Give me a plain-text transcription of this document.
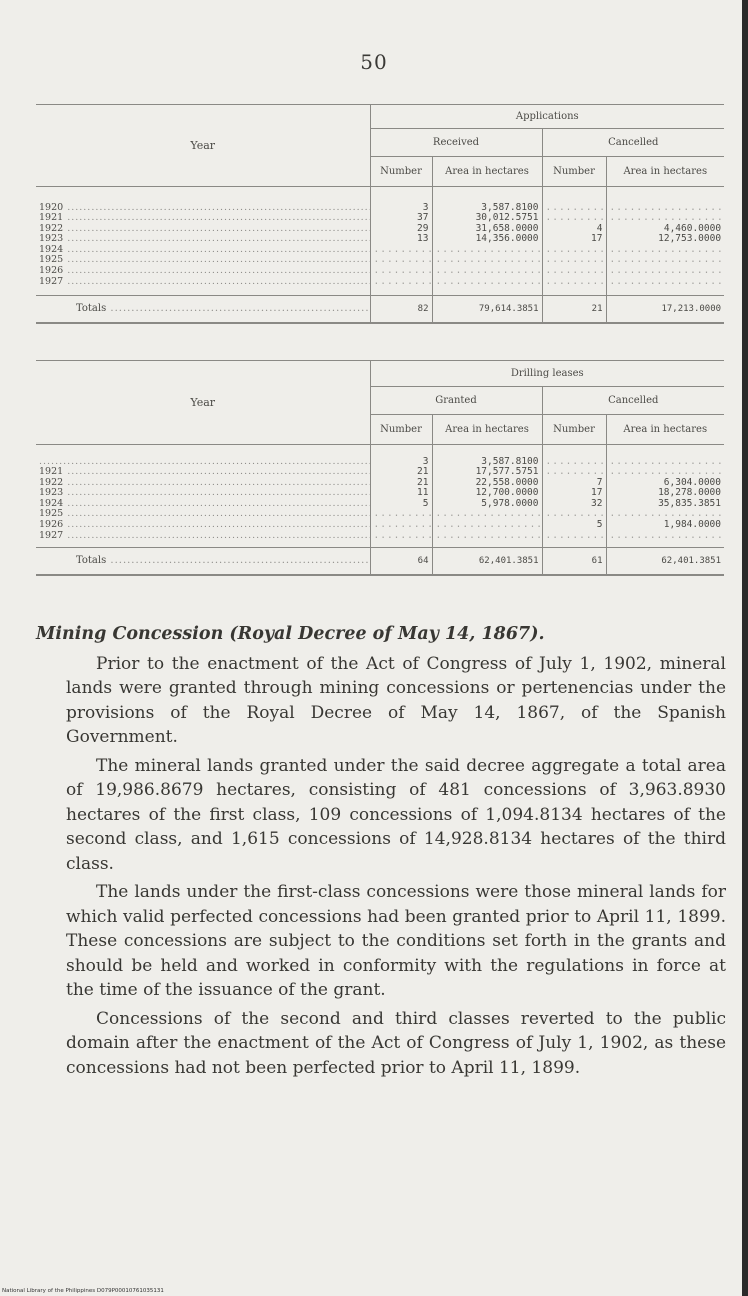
50
Year	Applications			
	Received		Cancelled	
	Number	Area in hectares	Number	Area in hectares

1920 .....	3	3,587.8100		
1921 .....	37	30,012.5751		
1922 .....	29	31,658.0000	4	4,460.0000
1923 .....	13	14,356.0000	17	12,753.0000
1924 .....				
1925 .....				
1926 .....				
1927 .....				

Totals .....	82	79,614.3851	21	17,213.0000
Year	Drilling leases			
	Granted		Cancelled	
	Number	Area in hectares	Number	Area in hectares

.....	3	3,587.8100		
1921 .....	21	17,577.5751		
1922 .....	21	22,558.0000	7	6,304.0000
1923 .....	11	12,700.0000	17	18,278.0000
1924 .....	5	5,978.0000	32	35,835.3851
1925 .....				
1926 .....			5	1,984.0000
1927 .....				

Totals .....	64	62,401.3851	61	62,401.3851

Mining Concession (Royal Decree of May 14, 1867).

Prior to the enactment of the Act of Congress of July 1, 1902, mineral lands were granted through mining concessions or pertenencias under the provisions of the Royal Decree of May 14, 1867, of the Spanish Government.

The mineral lands granted under the said decree aggregate a total area of 19,986.8679 hectares, consisting of 481 concessions of 3,963.8930 hectares of the first class, 109 concessions of 1,094.8134 hectares of the second class, and 1,615 concessions of 14,928.8134 hectares of the third class.

The lands under the first-class concessions were those mineral lands for which valid perfected concessions had been granted prior to April 11, 1899. These concessions are subject to the conditions set forth in the grants and should be held and worked in conformity with the regulations in force at the time of the issuance of the grant.

Concessions of the second and third classes reverted to the public domain after the enactment of the Act of Congress of July 1, 1902, as these concessions had not been perfected prior to April 11, 1899.

National Library of the Philippines D079P00010761035131
